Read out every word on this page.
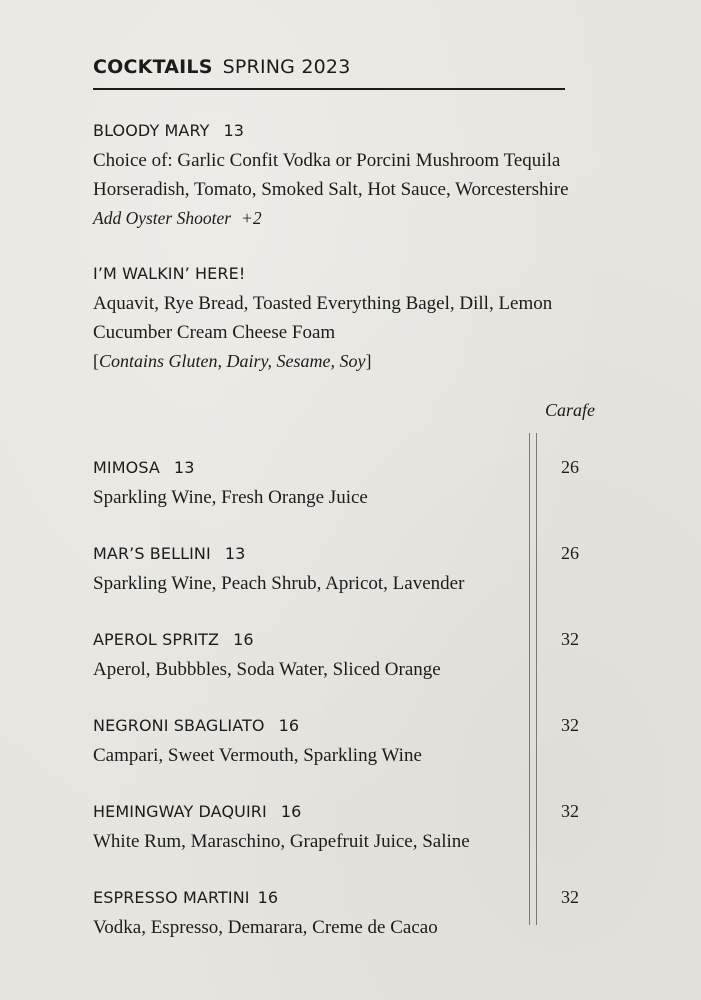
COCKTAILS SPRING 2023
BLOODY MARY 13
Choice of: Garlic Confit Vodka or Porcini Mushroom Tequila
Horseradish, Tomato, Smoked Salt, Hot Sauce, Worcestershire
Add Oyster Shooter +2
I’M WALKIN’ HERE!
Aquavit, Rye Bread, Toasted Everything Bagel, Dill, Lemon
Cucumber Cream Cheese Foam
[Contains Gluten, Dairy, Sesame, Soy]
Carafe
MIMOSA 13
Sparkling Wine, Fresh Orange Juice
26
MAR’S BELLINI 13
Sparkling Wine, Peach Shrub, Apricot, Lavender
26
APEROL SPRITZ 16
Aperol, Bubbbles, Soda Water, Sliced Orange
32
NEGRONI SBAGLIATO 16
Campari, Sweet Vermouth, Sparkling Wine
32
HEMINGWAY DAQUIRI 16
White Rum, Maraschino, Grapefruit Juice, Saline
32
ESPRESSO MARTINI 16
Vodka, Espresso, Demarara, Creme de Cacao
32
